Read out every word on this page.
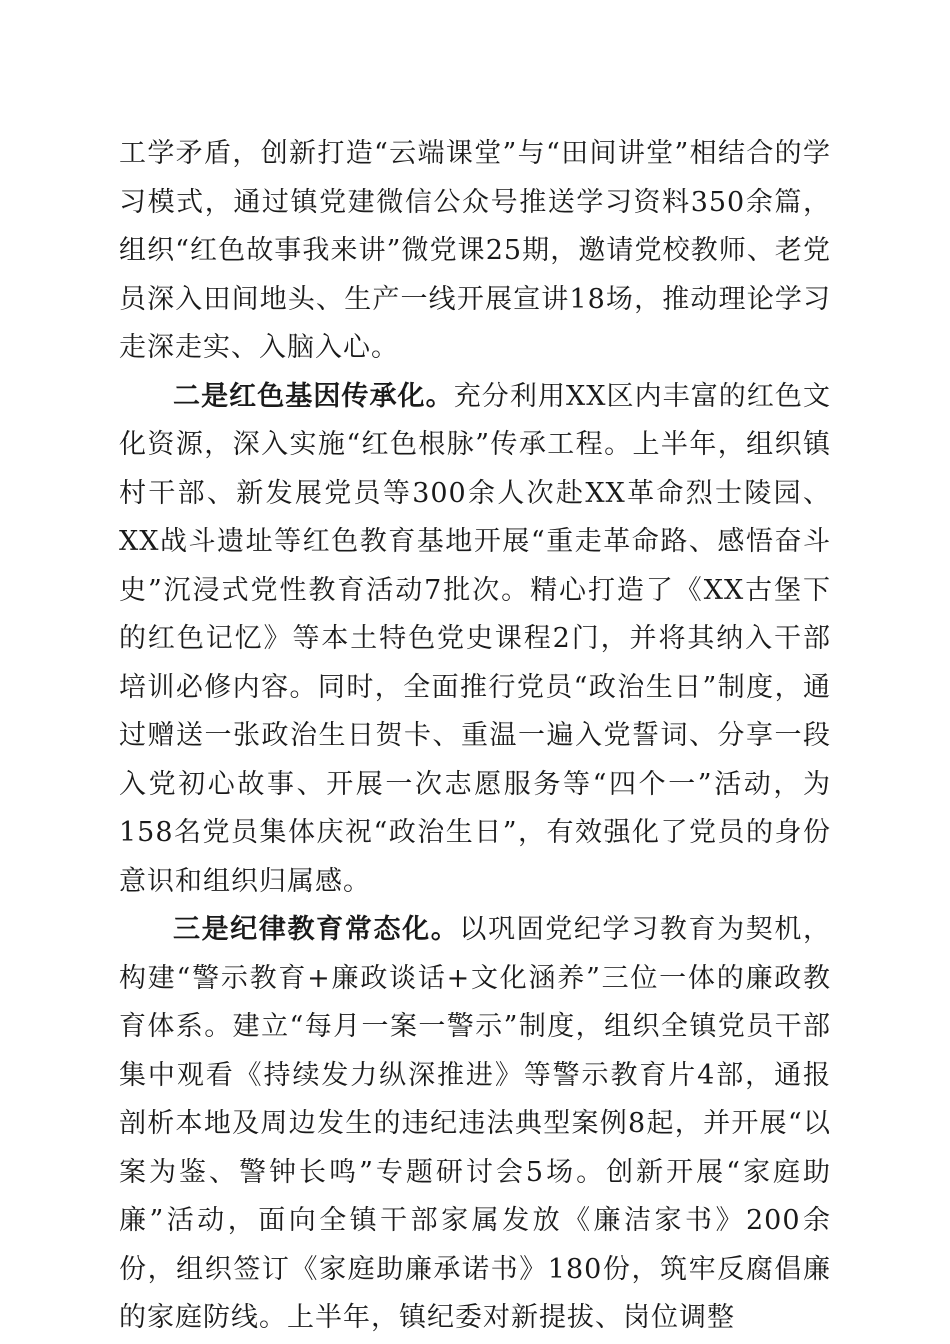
工学矛盾，创新打造“云端课堂”与“田间讲堂”相结合的学习模式，通过镇党建微信公众号推送学习资料350余篇，组织“红色故事我来讲”微党课25期，邀请党校教师、老党员深入田间地头、生产一线开展宣讲18场，推动理论学习走深走实、入脑入心。

二是红色基因传承化。充分利用XX区内丰富的红色文化资源，深入实施“红色根脉”传承工程。上半年，组织镇村干部、新发展党员等300余人次赴XX革命烈士陵园、XX战斗遗址等红色教育基地开展“重走革命路、感悟奋斗史”沉浸式党性教育活动7批次。精心打造了《XX古堡下的红色记忆》等本土特色党史课程2门，并将其纳入干部培训必修内容。同时，全面推行党员“政治生日”制度，通过赠送一张政治生日贺卡、重温一遍入党誓词、分享一段入党初心故事、开展一次志愿服务等“四个一”活动，为158名党员集体庆祝“政治生日”，有效强化了党员的身份意识和组织归属感。

三是纪律教育常态化。以巩固党纪学习教育为契机，构建“警示教育+廉政谈话+文化涵养”三位一体的廉政教育体系。建立“每月一案一警示”制度，组织全镇党员干部集中观看《持续发力纵深推进》等警示教育片4部，通报剖析本地及周边发生的违纪违法典型案例8起，并开展“以案为鉴、警钟长鸣”专题研讨会5场。创新开展“家庭助廉”活动，面向全镇干部家属发放《廉洁家书》200余份，组织签订《家庭助廉承诺书》180份，筑牢反腐倡廉的家庭防线。上半年，镇纪委对新提拔、岗位调整
